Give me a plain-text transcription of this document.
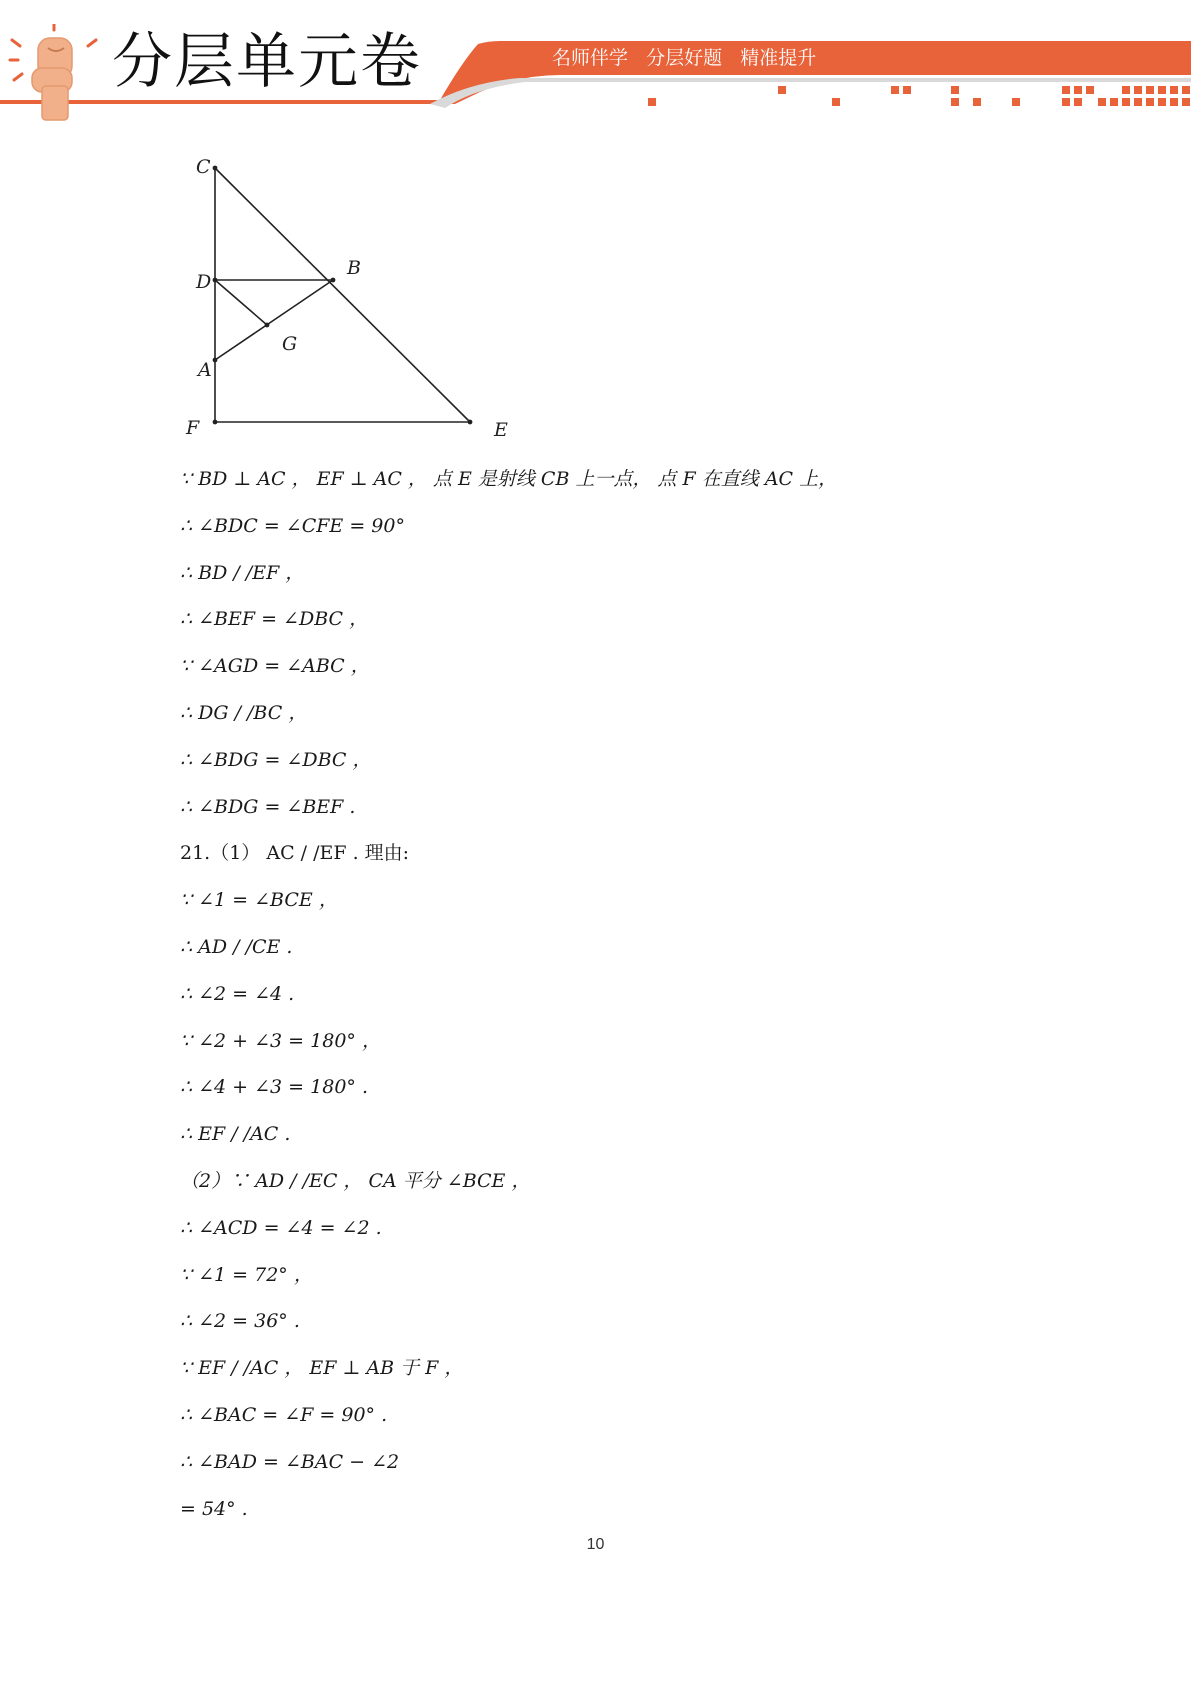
分层单元卷	名师伴学   分层好题   精准提升
C
B
D
G
A
F	E
∵ BD ⊥ AC ， EF ⊥ AC ， 点 E 是射线 CB 上一点， 点 F 在直线 AC 上，
∴ ∠BDC = ∠CFE = 90°
∴ BD / /EF ，
∴ ∠BEF = ∠DBC ，
∵ ∠AGD = ∠ABC ，
∴ DG / /BC ，
∴ ∠BDG = ∠DBC ，
∴ ∠BDG = ∠BEF .
21.（1） AC / /EF . 理由:
∵ ∠1 = ∠BCE ，
∴ AD / /CE .
∴ ∠2 = ∠4 .
∵ ∠2 + ∠3 = 180° ，
∴ ∠4 + ∠3 = 180° .
∴ EF / /AC .
（2）∵ AD / /EC ， CA 平分 ∠BCE ，
∴ ∠ACD = ∠4 = ∠2 .
∵ ∠1 = 72° ，
∴ ∠2 = 36° .
∵ EF / /AC ， EF ⊥ AB 于 F ，
∴ ∠BAC = ∠F = 90° .
∴ ∠BAD = ∠BAC − ∠2
= 54° .
10
